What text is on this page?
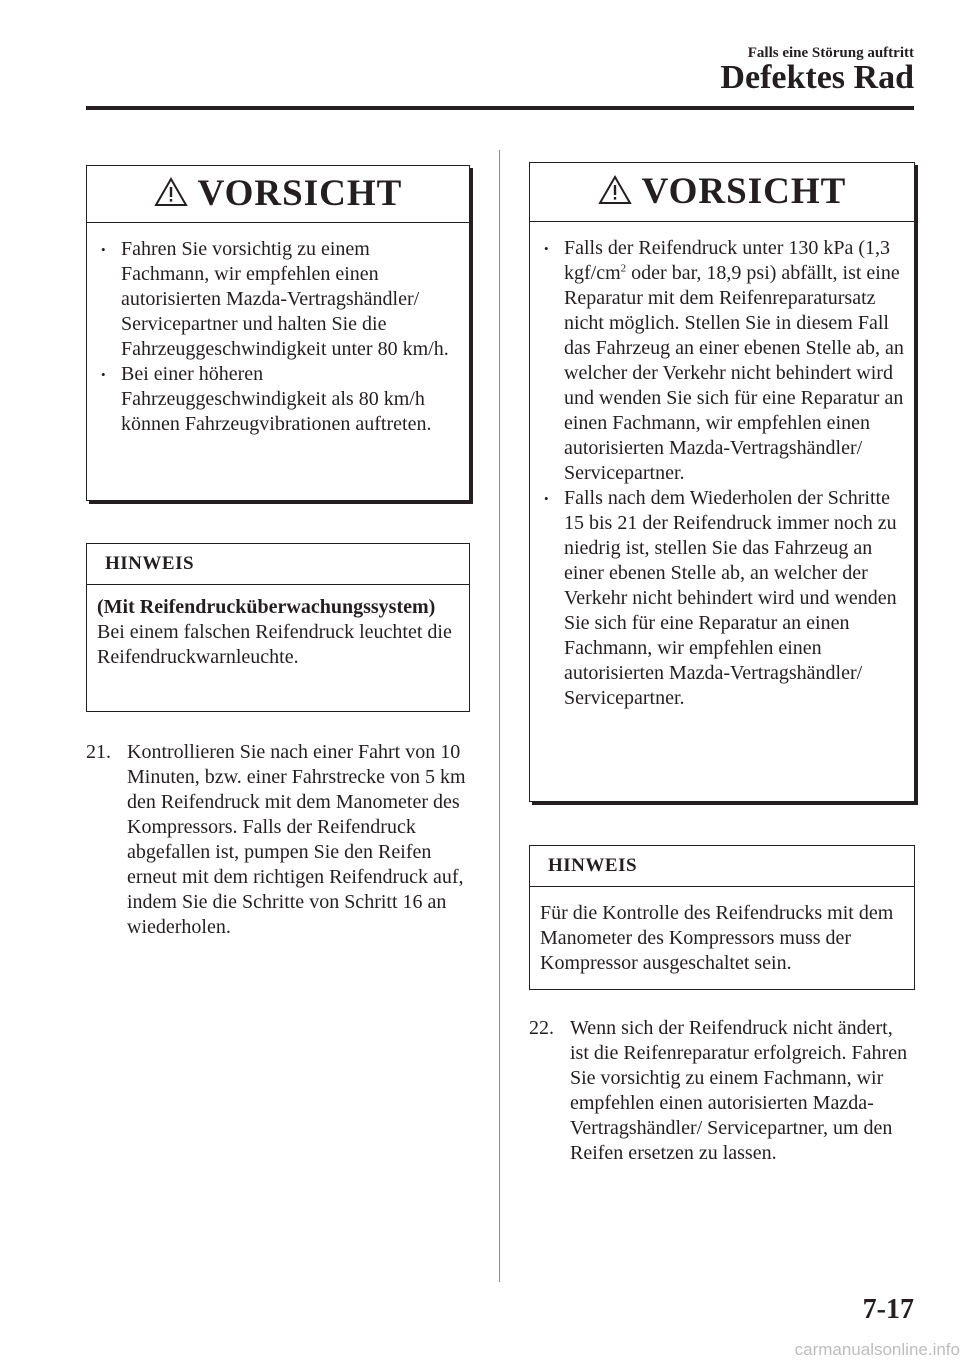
Falls eine Störung auftritt
Defektes Rad
VORSICHT
• Fahren Sie vorsichtig zu einem Fachmann, wir empfehlen einen autorisierten Mazda-Vertragshändler/ Servicepartner und halten Sie die Fahrzeuggeschwindigkeit unter 80 km/h.
• Bei einer höheren Fahrzeuggeschwindigkeit als 80 km/h können Fahrzeugvibrationen auftreten.
HINWEIS
(Mit Reifendrucküberwachungssystem)
Bei einem falschen Reifendruck leuchtet die Reifendruckwarnleuchte.
21. Kontrollieren Sie nach einer Fahrt von 10 Minuten, bzw. einer Fahrstrecke von 5 km den Reifendruck mit dem Manometer des Kompressors. Falls der Reifendruck abgefallen ist, pumpen Sie den Reifen erneut mit dem richtigen Reifendruck auf, indem Sie die Schritte von Schritt 16 an wiederholen.
VORSICHT
• Falls der Reifendruck unter 130 kPa (1,3 kgf/$cm^2$ oder bar, 18,9 psi) abfällt, ist eine Reparatur mit dem Reifenreparatursatz nicht möglich. Stellen Sie in diesem Fall das Fahrzeug an einer ebenen Stelle ab, an welcher der Verkehr nicht behindert wird und wenden Sie sich für eine Reparatur an einen Fachmann, wir empfehlen einen autorisierten Mazda-Vertragshändler/ Servicepartner.
• Falls nach dem Wiederholen der Schritte 15 bis 21 der Reifendruck immer noch zu niedrig ist, stellen Sie das Fahrzeug an einer ebenen Stelle ab, an welcher der Verkehr nicht behindert wird und wenden Sie sich für eine Reparatur an einen Fachmann, wir empfehlen einen autorisierten Mazda-Vertragshändler/ Servicepartner.
HINWEIS
Für die Kontrolle des Reifendrucks mit dem Manometer des Kompressors muss der Kompressor ausgeschaltet sein.
22. Wenn sich der Reifendruck nicht ändert, ist die Reifenreparatur erfolgreich. Fahren Sie vorsichtig zu einem Fachmann, wir empfehlen einen autorisierten Mazda-Vertragshändler/ Servicepartner, um den Reifen ersetzen zu lassen.
7-17
carmanualsonline.info
